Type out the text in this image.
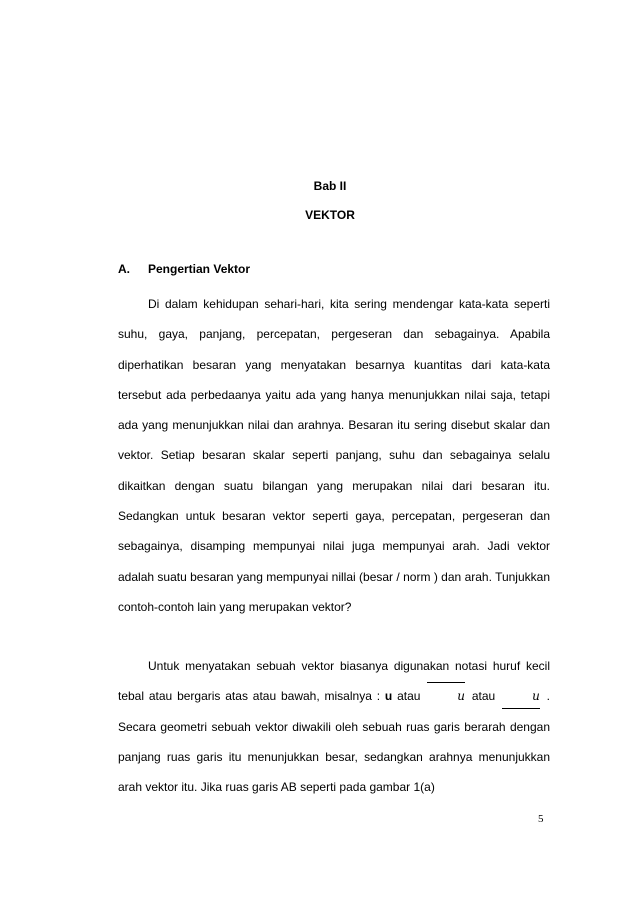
Bab II
VEKTOR
A. Pengertian Vektor

Di dalam kehidupan sehari-hari, kita sering mendengar kata-kata seperti suhu, gaya, panjang, percepatan, pergeseran dan sebagainya. Apabila diperhatikan besaran yang menyatakan besarnya kuantitas dari kata-kata tersebut ada perbedaanya yaitu ada yang hanya menunjukkan nilai saja, tetapi ada yang menunjukkan nilai dan arahnya. Besaran itu sering disebut skalar dan vektor. Setiap besaran skalar seperti panjang, suhu dan sebagainya selalu dikaitkan dengan suatu bilangan yang merupakan nilai dari besaran itu. Sedangkan untuk besaran vektor seperti gaya, percepatan, pergeseran dan sebagainya, disamping mempunyai nilai juga mempunyai arah. Jadi vektor adalah suatu besaran yang mempunyai nillai (besar / norm ) dan arah. Tunjukkan contoh-contoh lain yang merupakan vektor?

Untuk menyatakan sebuah vektor biasanya digunakan notasi huruf kecil tebal atau bergaris atas atau bawah, misalnya : u atau	u atau	u . Secara geometri sebuah vektor diwakili oleh sebuah ruas garis berarah dengan panjang ruas garis itu menunjukkan besar, sedangkan arahnya menunjukkan arah vektor itu. Jika ruas garis AB seperti pada gambar 1(a)

5
